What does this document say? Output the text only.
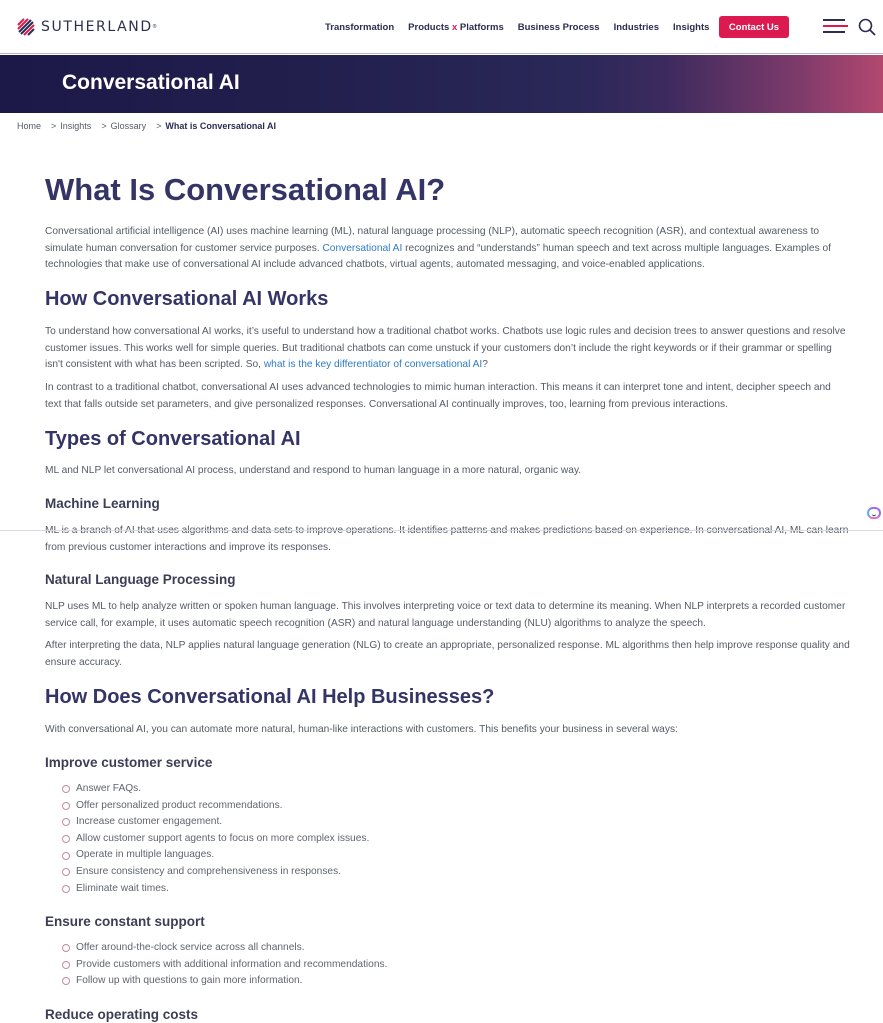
SUTHERLAND ®	Transformation Products x Platforms Business Process Industries Insights	Contact Us
Conversational AI
Home > Insights > Glossary > What is Conversational AI
What Is Conversational AI?

Conversational artificial intelligence (AI) uses machine learning (ML), natural language processing (NLP), automatic speech recognition (ASR), and contextual awareness to simulate human conversation for customer service purposes. Conversational AI recognizes and “understands” human speech and text across multiple languages. Examples of technologies that make use of conversational AI include advanced chatbots, virtual agents, automated messaging, and voice-enabled applications.

How Conversational AI Works

To understand how conversational AI works, it’s useful to understand how a traditional chatbot works. Chatbots use logic rules and decision trees to answer questions and resolve customer issues. This works well for simple queries. But traditional chatbots can come unstuck if your customers don’t include the right keywords or if their grammar or spelling isn't consistent with what has been scripted. So, what is the key differentiator of conversational AI?

In contrast to a traditional chatbot, conversational AI uses advanced technologies to mimic human interaction. This means it can interpret tone and intent, decipher speech and text that falls outside set parameters, and give personalized responses. Conversational AI continually improves, too, learning from previous interactions.

Types of Conversational AI

ML and NLP let conversational AI process, understand and respond to human language in a more natural, organic way.

Machine Learning

from previous customer interactions and improve its responses.

Natural Language Processing

NLP uses ML to help analyze written or spoken human language. This involves interpreting voice or text data to determine its meaning. When NLP interprets a recorded customer service call, for example, it uses automatic speech recognition (ASR) and natural language understanding (NLU) algorithms to analyze the speech.

After interpreting the data, NLP applies natural language generation (NLG) to create an appropriate, personalized response. ML algorithms then help improve response quality and ensure accuracy.

How Does Conversational AI Help Businesses?

With conversational AI, you can automate more natural, human-like interactions with customers. This benefits your business in several ways:

Improve customer service
Answer FAQs.
Offer personalized product recommendations.
Increase customer engagement.
Allow customer support agents to focus on more complex issues.
Operate in multiple languages.
Ensure consistency and comprehensiveness in responses.
Eliminate wait times.
Ensure constant support
Offer around-the-clock service across all channels.
Provide customers with additional information and recommendations.
Follow up with questions to gain more information.
Reduce operating costs
